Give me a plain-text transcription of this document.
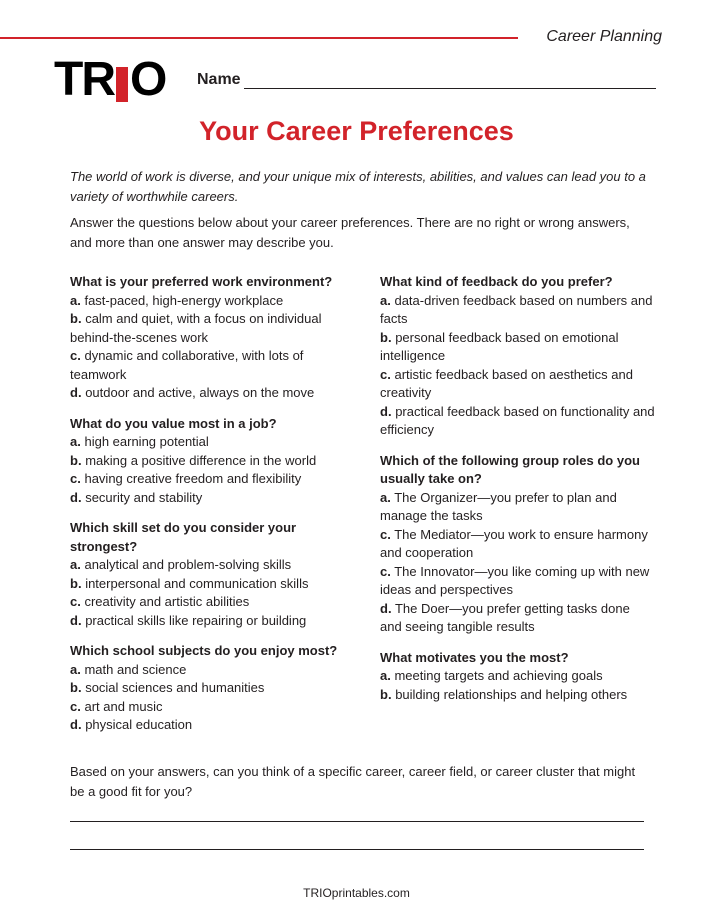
Career Planning
TR O Name
Your Career Preferences
The world of work is diverse, and your unique mix of interests, abilities, and values can lead you to a variety of worthwhile careers.
Answer the questions below about your career preferences. There are no right or wrong answers, and more than one answer may describe you.

What is your preferred work environment?

a. fast-paced, high-energy workplace

b. calm and quiet, with a focus on individual behind-the-scenes work

c. dynamic and collaborative, with lots of teamwork

d. outdoor and active, always on the move

What do you value most in a job?

a. high earning potential

b. making a positive difference in the world

c. having creative freedom and flexibility

d. security and stability

Which skill set do you consider your strongest?

a. analytical and problem-solving skills

b. interpersonal and communication skills

c. creativity and artistic abilities

d. practical skills like repairing or building

Which school subjects do you enjoy most?

a. math and science

b. social sciences and humanities

c. art and music

d. physical education

What kind of feedback do you prefer?

a. data-driven feedback based on numbers and facts

b. personal feedback based on emotional intelligence

c. artistic feedback based on aesthetics and creativity

d. practical feedback based on functionality and efficiency

Which of the following group roles do you usually take on?

a. The Organizer—you prefer to plan and manage the tasks

c. The Mediator—you work to ensure harmony and cooperation

c. The Innovator—you like coming up with new ideas and perspectives

d. The Doer—you prefer getting tasks done and seeing tangible results

What motivates you the most?

a. meeting targets and achieving goals

b. building relationships and helping others

Based on your answers, can you think of a specific career, career field, or career cluster that might be a good fit for you?
TRIOprintables.com
